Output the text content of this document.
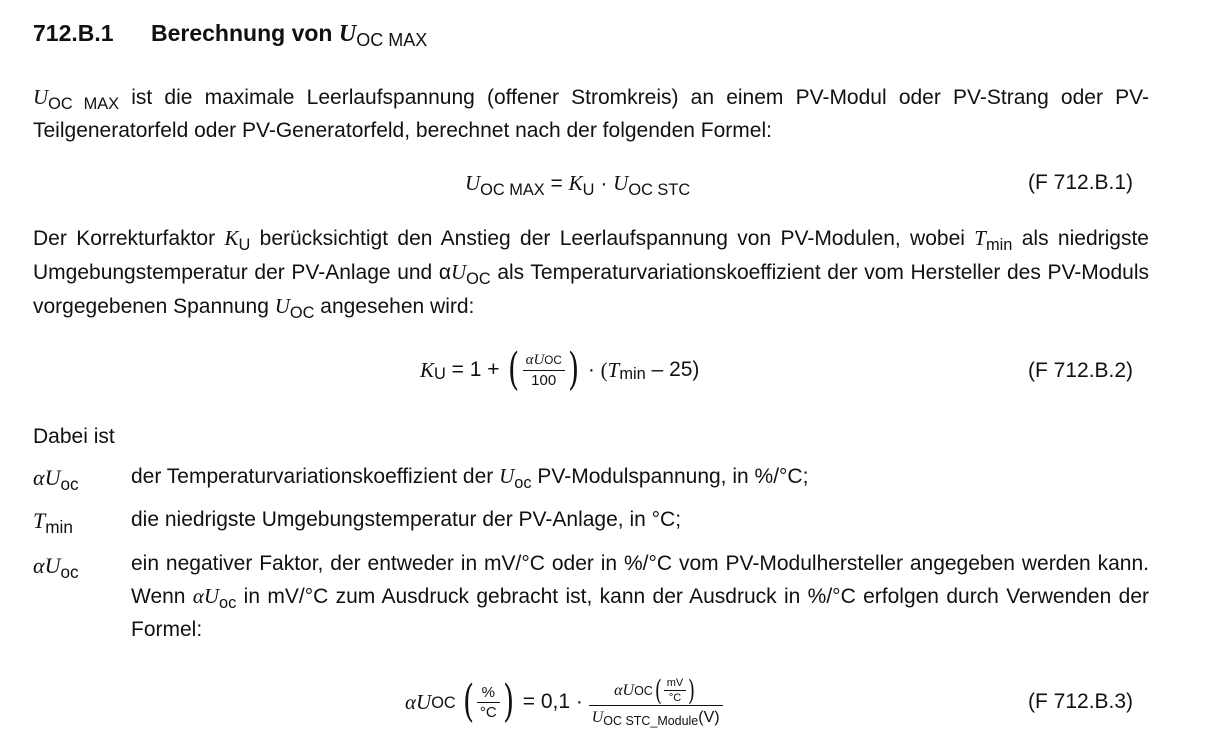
712.B.1 Berechnung von $U_{OC MAX}$
$U_{OC MAX}$ ist die maximale Leerlaufspannung (offener Stromkreis) an einem PV-Modul oder PV-Strang oder PV-Teilgeneratorfeld oder PV-Generatorfeld, berechnet nach der folgenden Formel:
$U_{OC MAX} = K_U \cdot U_{OC STC}$	(F 712.B.1)
Der Korrekturfaktor $K_U$ berücksichtigt den Anstieg der Leerlaufspannung von PV-Modulen, wobei $T_{min}$ als niedrigste Umgebungstemperatur der PV-Anlage und $\alpha U_{OC}$ als Temperaturvariationskoeffizient der vom Hersteller des PV-Moduls vorgegebenen Spannung $U_{OC}$ angesehen wird:
K U = 1 + ( $\frac{\text{αUOC}}{100}$ ) · ( T min – 25)	(F 712.B.2)
Dabei ist
$\alpha U_{oc}$ der Temperaturvariationskoeffizient der $U_{oc}$ PV-Modulspannung, in %/°C;
$T_{min}$	die niedrigste Umgebungstemperatur der PV-Anlage, in °C;
$\alpha U_{oc}$ ein negativer Faktor, der entweder in mV/°C oder in %/°C vom PV-Modulhersteller angegeben werden kann. Wenn $\alpha U_{oc}$ in mV/°C zum Ausdruck gebracht ist, kann der Ausdruck in %/°C erfolgen durch Verwenden der Formel:
α U OC ( $\frac{\%}{^\circ C}$ ) = 0,1 · α U OC ( $\frac{mV}{^\circ C}$ )
$U_{OC STC\_Module}(V)$
(F 712.B.3)
